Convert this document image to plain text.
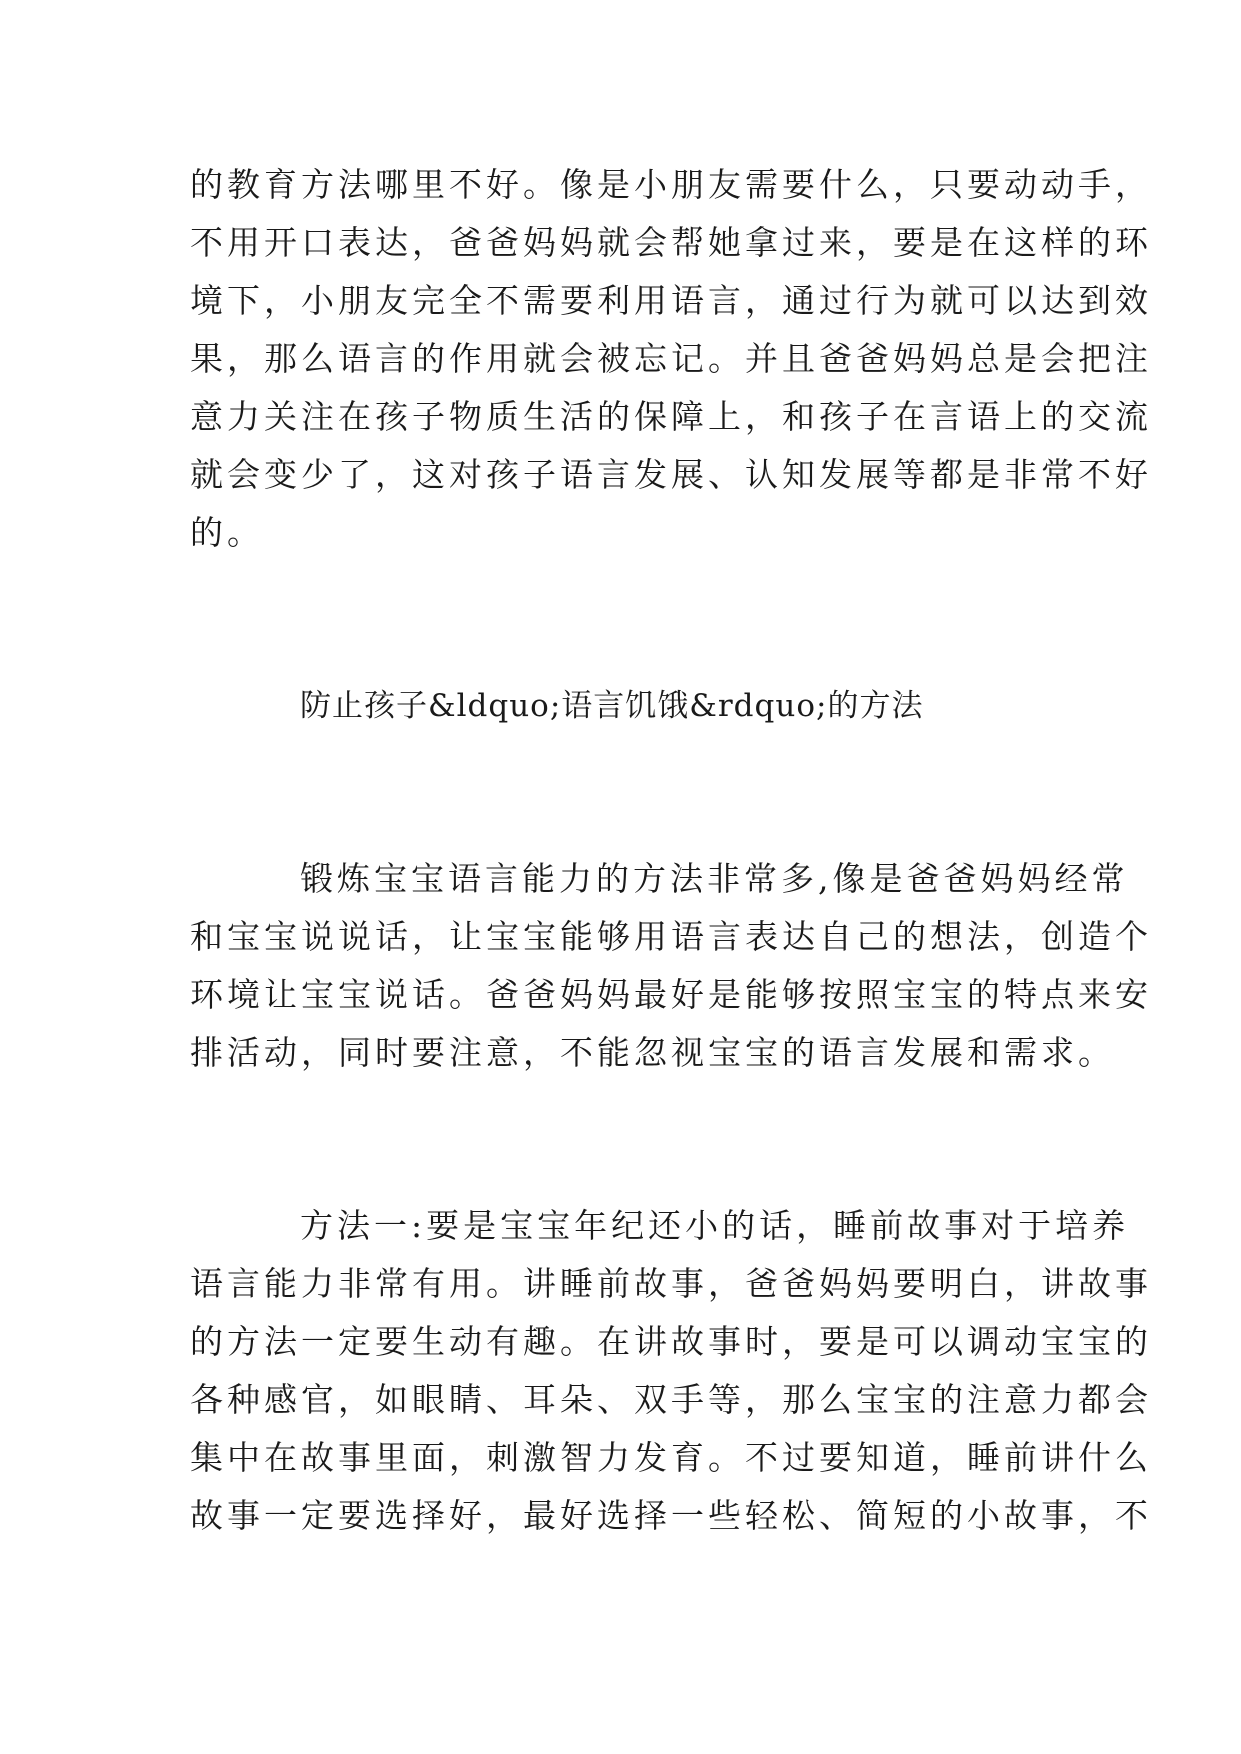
的教育方法哪里不好。像是小朋友需要什么，只要动动手，
不用开口表达，爸爸妈妈就会帮她拿过来，要是在这样的环
境下，小朋友完全不需要利用语言，通过行为就可以达到效
果，那么语言的作用就会被忘记。并且爸爸妈妈总是会把注
意力关注在孩子物质生活的保障上，和孩子在言语上的交流
就会变少了，这对孩子语言发展、认知发展等都是非常不好
的。
防止孩子&ldquo;语言饥饿&rdquo;的方法
锻炼宝宝语言能力的方法非常多,像是爸爸妈妈经常
和宝宝说说话，让宝宝能够用语言表达自己的想法，创造个
环境让宝宝说话。爸爸妈妈最好是能够按照宝宝的特点来安
排活动，同时要注意，不能忽视宝宝的语言发展和需求。
方法一:要是宝宝年纪还小的话，睡前故事对于培养
语言能力非常有用。讲睡前故事，爸爸妈妈要明白，讲故事
的方法一定要生动有趣。在讲故事时，要是可以调动宝宝的
各种感官，如眼睛、耳朵、双手等，那么宝宝的注意力都会
集中在故事里面，刺激智力发育。不过要知道，睡前讲什么
故事一定要选择好，最好选择一些轻松、简短的小故事，不
